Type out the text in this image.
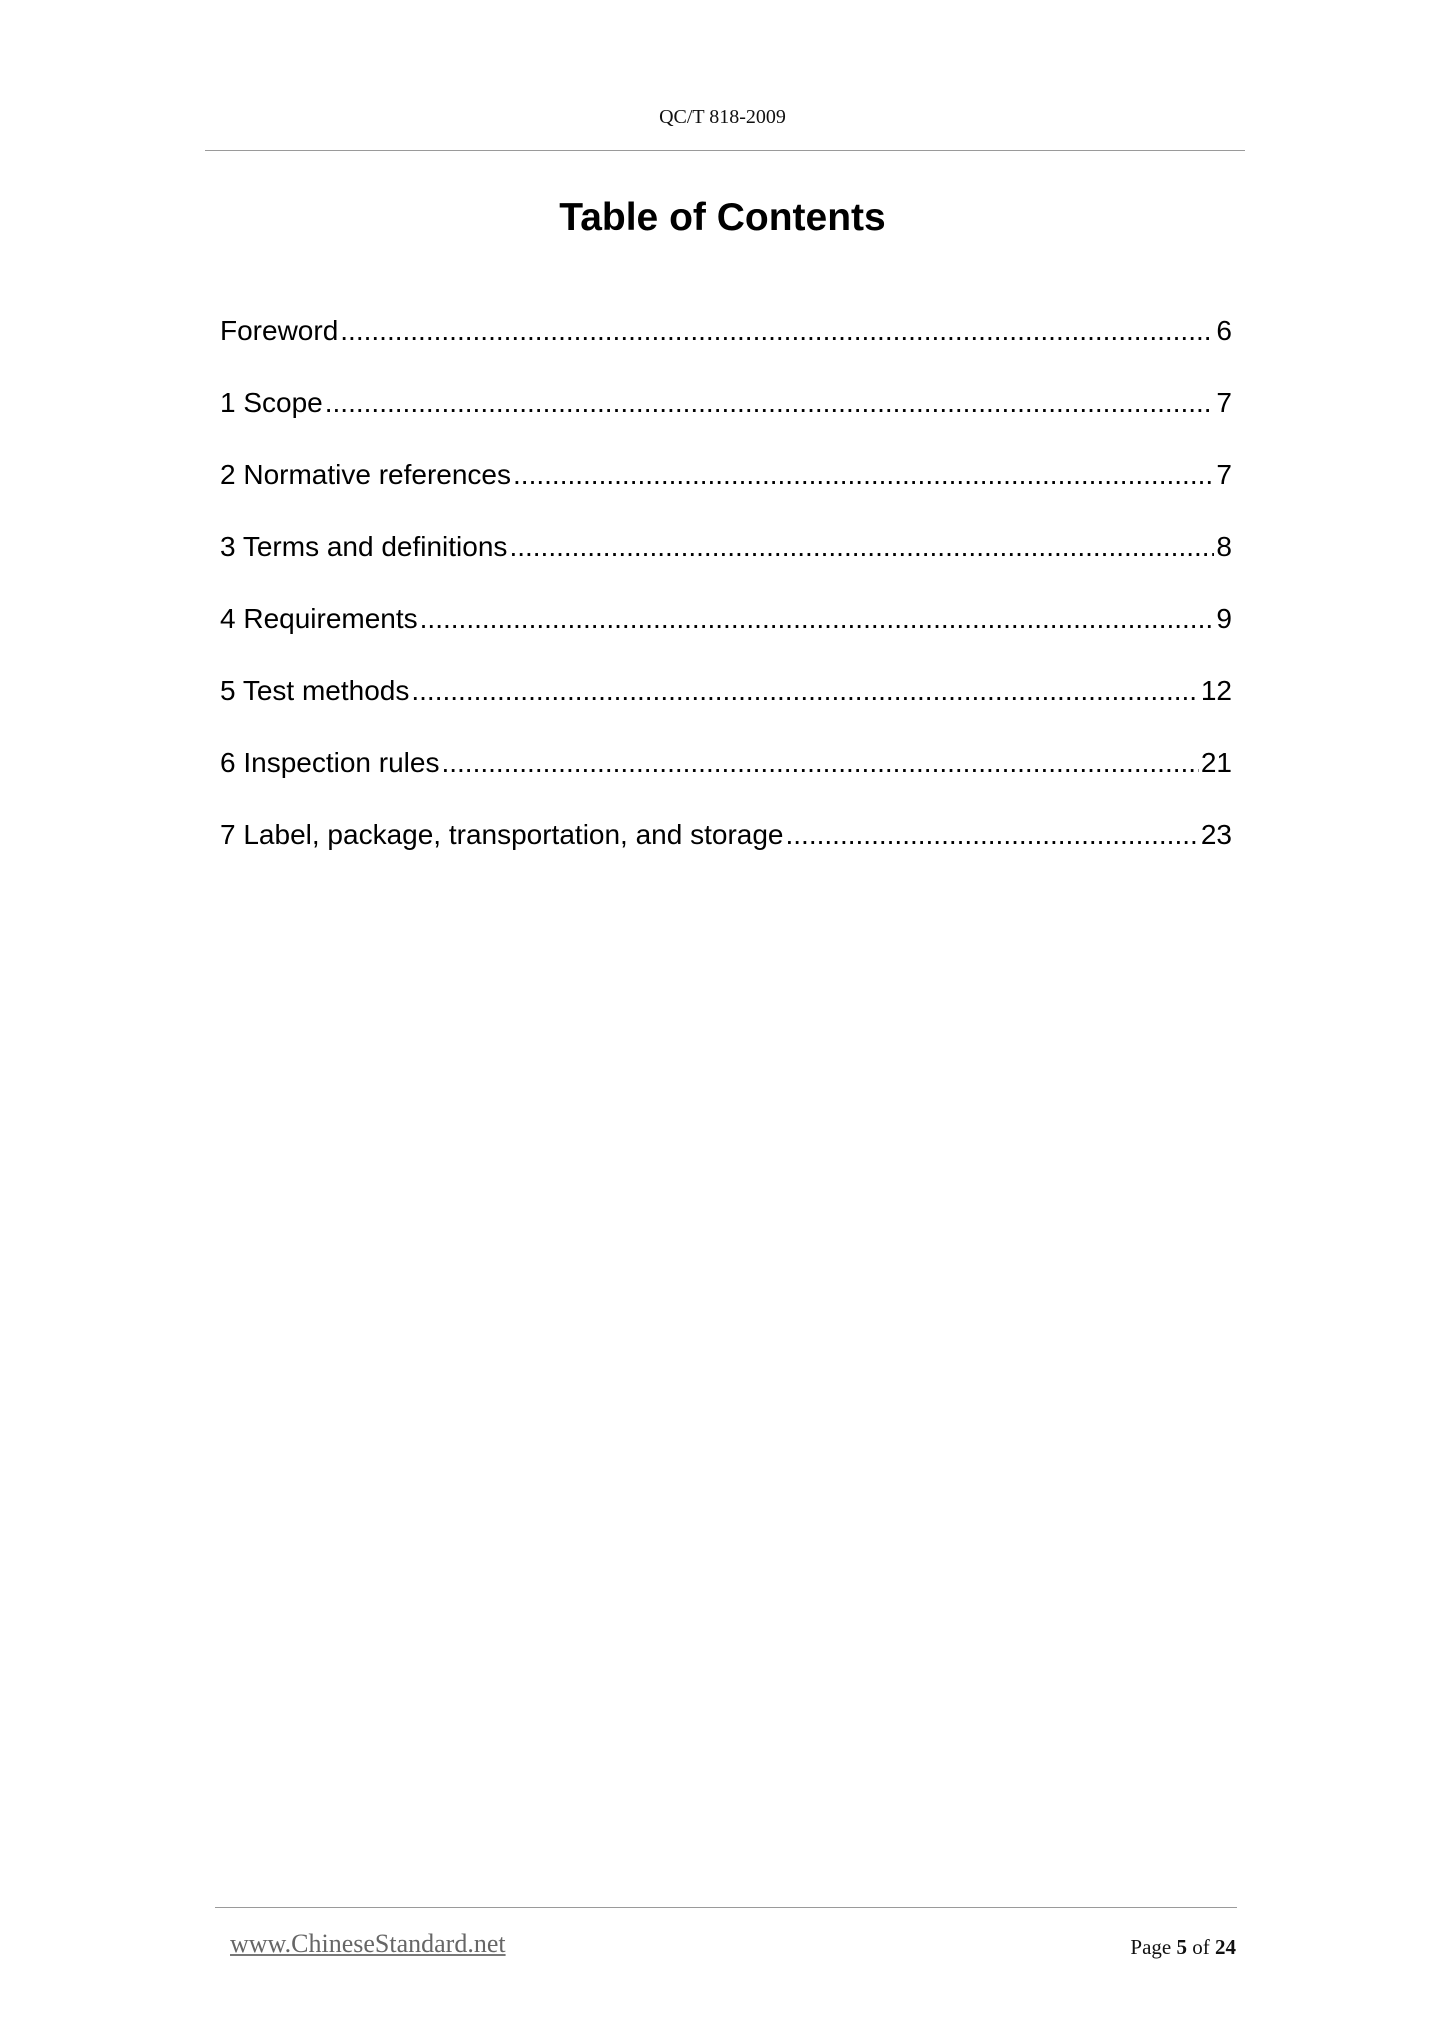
QC/T 818-2009
Table of Contents
Foreword .....	6
1 Scope .....	7
2 Normative references .....	7
3 Terms and definitions .....	8
4 Requirements .....	9
5 Test methods .....	12
6 Inspection rules .....	21
7 Label, package, transportation, and storage .....	23
www.ChineseStandard.net	Page 5 of 24
